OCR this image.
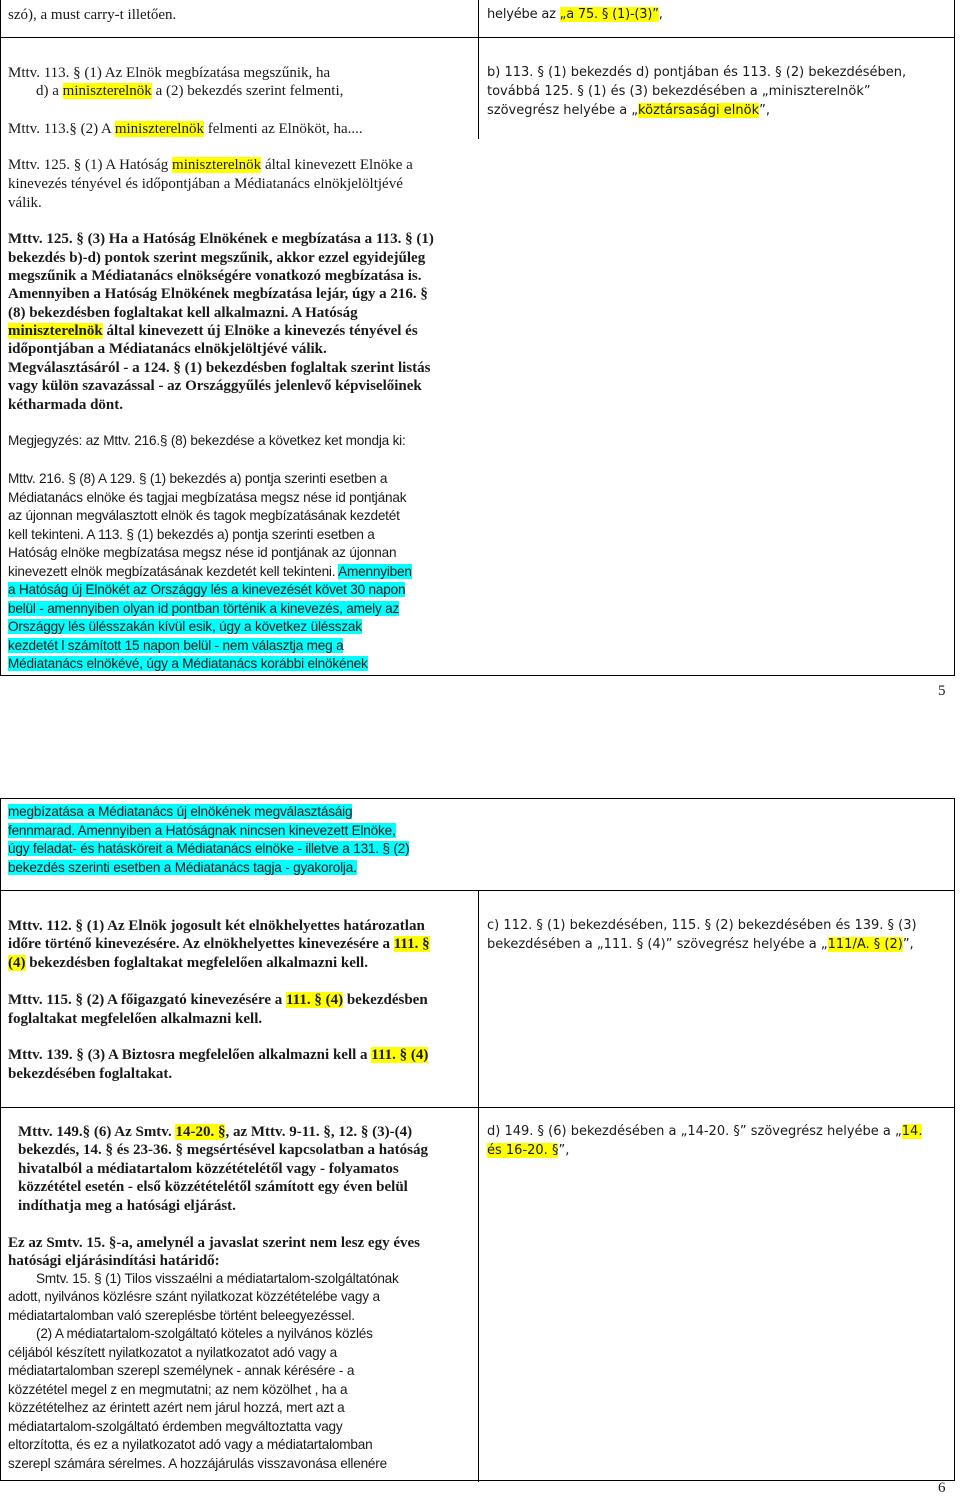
szó), a must carry-t illetően.	helyébe az „a 75. § (1)-(3)”,
Mttv. 113. § (1) Az Elnök megbízatása megszűnik, ha
d) a miniszterelnök a (2) bekezdés szerint felmenti,
Mttv. 113.§ (2) A miniszterelnök felmenti az Elnököt, ha....
b) 113. § (1) bekezdés d) pontjában és 113. § (2) bekezdésében,
továbbá 125. § (1) és (3) bekezdésében a „miniszterelnök”
szövegrész helyébe a „köztársasági elnök”,
Mttv. 125. § (1) A Hatóság miniszterelnök által kinevezett Elnöke a
kinevezés tényével és időpontjában a Médiatanács elnökjelöltjévé
válik.
Mttv. 125. § (3) Ha a Hatóság Elnökének e megbízatása a 113. § (1)
bekezdés b)-d) pontok szerint megszűnik, akkor ezzel egyidejűleg
megszűnik a Médiatanács elnökségére vonatkozó megbízatása is.
Amennyiben a Hatóság Elnökének megbízatása lejár, úgy a 216. §
(8) bekezdésben foglaltakat kell alkalmazni. A Hatóság
miniszterelnök által kinevezett új Elnöke a kinevezés tényével és
időpontjában a Médiatanács elnökjelöltjévé válik.
Megválasztásáról - a 124. § (1) bekezdésben foglaltak szerint listás
vagy külön szavazással - az Országgyűlés jelenlevő képviselőinek
kétharmada dönt.
Megjegyzés: az Mttv. 216.§ (8) bekezdése a következ ket mondja ki:
Mttv. 216. § (8) A 129. § (1) bekezdés a) pontja szerinti esetben a
Médiatanács elnöke és tagjai megbízatása megsz nése id pontjának
az újonnan megválasztott elnök és tagok megbízatásának kezdetét
kell tekinteni. A 113. § (1) bekezdés a) pontja szerinti esetben a
Hatóság elnöke megbízatása megsz nése id pontjának az újonnan
kinevezett elnök megbízatásának kezdetét kell tekinteni. Amennyiben
a Hatóság új Elnökét az Országgy lés a kinevezését követ 30 napon
belül - amennyiben olyan id pontban történik a kinevezés, amely az
Országgy lés ülésszakán kívül esik, úgy a következ ülésszak
kezdetét l számított 15 napon belül - nem választja meg a
Médiatanács elnökévé, úgy a Médiatanács korábbi elnökének
5
megbízatása a Médiatanács új elnökének megválasztásáig
fennmarad. Amennyiben a Hatóságnak nincsen kinevezett Elnöke,
úgy feladat- és hatásköreit a Médiatanács elnöke - illetve a 131. § (2)
bekezdés szerinti esetben a Médiatanács tagja - gyakorolja.
Mttv. 112. § (1) Az Elnök jogosult két elnökhelyettes határozatlan
időre történő kinevezésére. Az elnökhelyettes kinevezésére a 111. §
(4) bekezdésben foglaltakat megfelelően alkalmazni kell.
c) 112. § (1) bekezdésében, 115. § (2) bekezdésében és 139. § (3)
bekezdésében a „111. § (4)” szövegrész helyébe a „111/A. § (2)”,
Mttv. 115. § (2) A főigazgató kinevezésére a 111. § (4) bekezdésben
foglaltakat megfelelően alkalmazni kell.
Mttv. 139. § (3) A Biztosra megfelelően alkalmazni kell a 111. § (4)
bekezdésében foglaltakat.
Mttv. 149.§ (6) Az Smtv. 14-20. §, az Mttv. 9-11. §, 12. § (3)-(4)
bekezdés, 14. § és 23-36. § megsértésével kapcsolatban a hatóság
hivatalból a médiatartalom közzétételétől vagy - folyamatos
közzététel esetén - első közzétételétől számított egy éven belül
indíthatja meg a hatósági eljárást.
d) 149. § (6) bekezdésében a „14-20. §” szövegrész helyébe a „14.
és 16-20. §”,
Ez az Smtv. 15. §-a, amelynél a javaslat szerint nem lesz egy éves
hatósági eljárásindítási határidő:
Smtv. 15. § (1) Tilos visszaélni a médiatartalom-szolgáltatónak
adott, nyilvános közlésre szánt nyilatkozat közzétételébe vagy a
médiatartalomban való szereplésbe történt beleegyezéssel.
(2) A médiatartalom-szolgáltató köteles a nyilvános közlés
céljából készített nyilatkozatot a nyilatkozatot adó vagy a
médiatartalomban szerepl személynek - annak kérésére - a
közzététel megel z en megmutatni; az nem közölhet , ha a
közzétételhez az érintett azért nem járul hozzá, mert azt a
médiatartalom-szolgáltató érdemben megváltoztatta vagy
eltorzította, és ez a nyilatkozatot adó vagy a médiatartalomban
szerepl számára sérelmes. A hozzájárulás visszavonása ellenére
6
